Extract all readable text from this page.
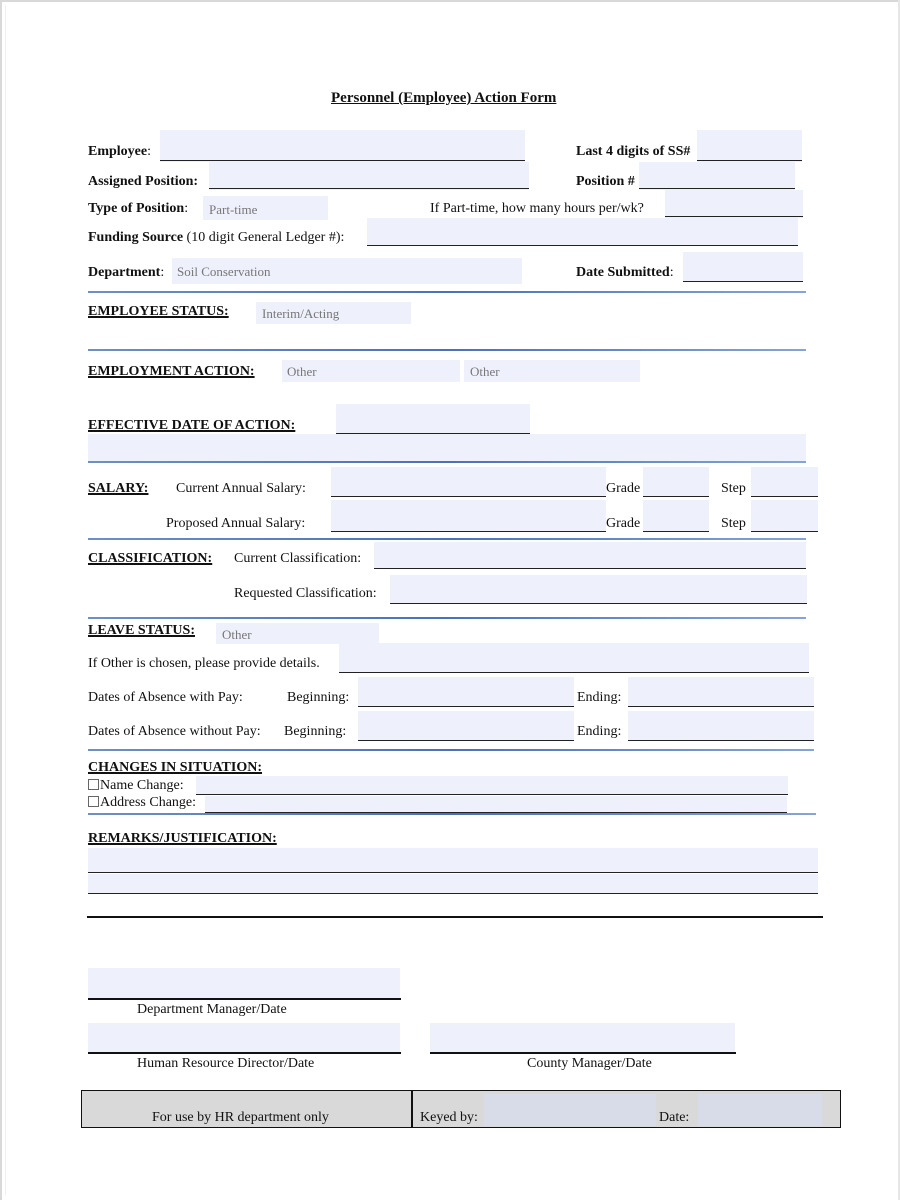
Personnel (Employee) Action Form
Employee:	Last 4 digits of SS#
Assigned Position:	Position #
Type of Position: Part-time	If Part-time, how many hours per/wk?
Funding Source (10 digit General Ledger #):
Department: Soil Conservation	Date Submitted:
EMPLOYEE STATUS:	Interim/Acting
EMPLOYMENT ACTION: Other	Other
EFFECTIVE DATE OF ACTION:
SALARY: Current Annual Salary:	Grade	Step
Proposed Annual Salary:	Grade	Step
CLASSIFICATION: Current Classification:
Requested Classification:
LEAVE STATUS: Other
If Other is chosen, please provide details.
Dates of Absence with Pay:	Beginning:	Ending:
Dates of Absence without Pay: Beginning:	Ending:
CHANGES IN SITUATION:
Name Change:
Address Change:
REMARKS/JUSTIFICATION:
Department Manager/Date
Human Resource Director/Date	County Manager/Date
For use by HR department only	Keyed by:	Date:
